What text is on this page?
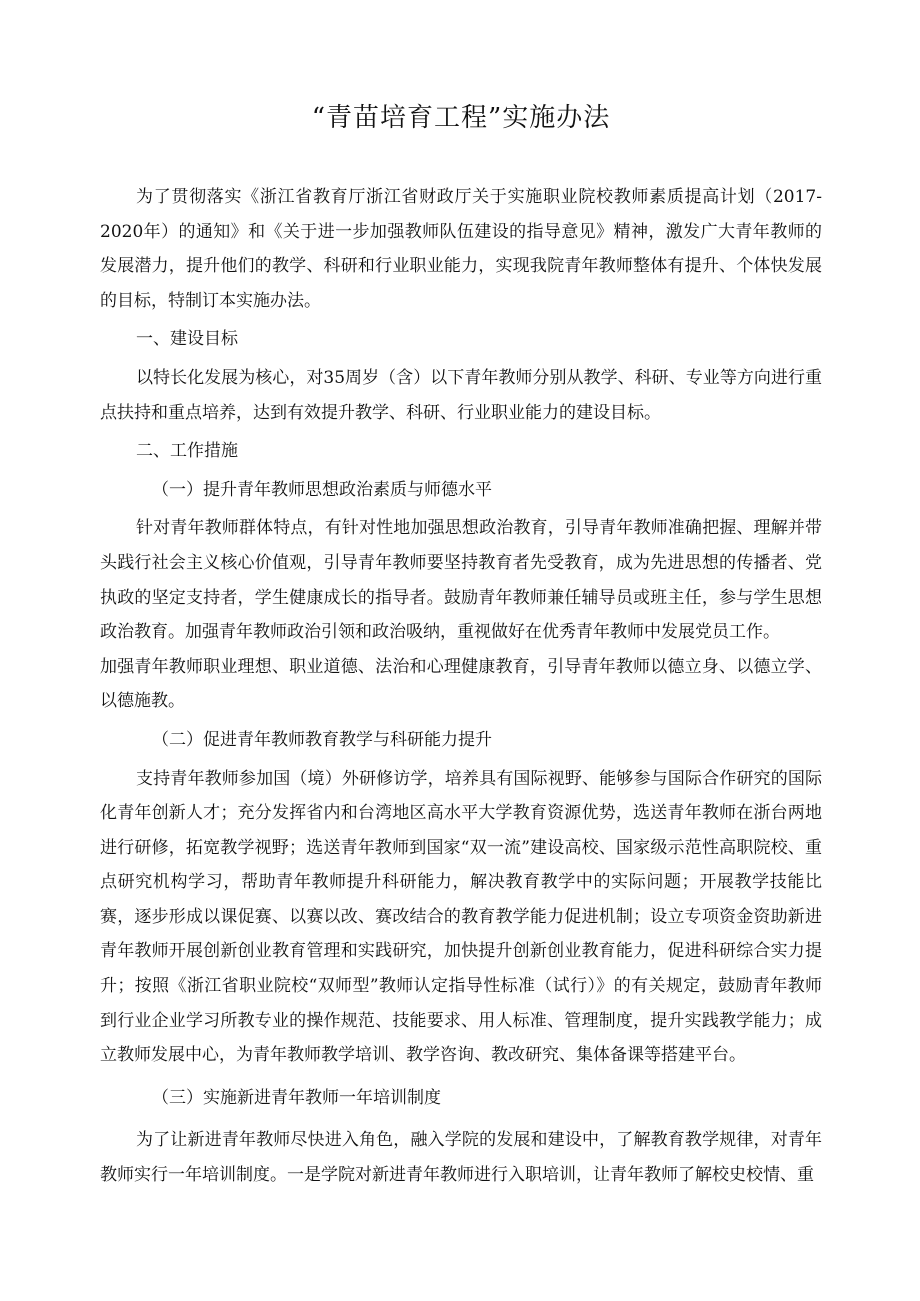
“青苗培育工程”实施办法

为了贯彻落实《浙江省教育厅浙江省财政厅关于实施职业院校教师素质提高计划（2017-2020年）的通知》和《关于进一步加强教师队伍建设的指导意见》精神，激发广大青年教师的发展潜力，提升他们的教学、科研和行业职业能力，实现我院青年教师整体有提升、个体快发展的目标，特制订本实施办法。

一、建设目标

以特长化发展为核心，对35周岁（含）以下青年教师分别从教学、科研、专业等方向进行重点扶持和重点培养，达到有效提升教学、科研、行业职业能力的建设目标。

二、工作措施

（一）提升青年教师思想政治素质与师德水平

针对青年教师群体特点，有针对性地加强思想政治教育，引导青年教师准确把握、理解并带头践行社会主义核心价值观，引导青年教师要坚持教育者先受教育，成为先进思想的传播者、党执政的坚定支持者，学生健康成长的指导者。鼓励青年教师兼任辅导员或班主任，参与学生思想政治教育。加强青年教师政治引领和政治吸纳，重视做好在优秀青年教师中发展党员工作。

加强青年教师职业理想、职业道德、法治和心理健康教育，引导青年教师以德立身、以德立学、以德施教。

（二）促进青年教师教育教学与科研能力提升

支持青年教师参加国（境）外研修访学，培养具有国际视野、能够参与国际合作研究的国际化青年创新人才；充分发挥省内和台湾地区高水平大学教育资源优势，选送青年教师在浙台两地进行研修，拓宽教学视野；选送青年教师到国家“双一流”建设高校、国家级示范性高职院校、重点研究机构学习，帮助青年教师提升科研能力，解决教育教学中的实际问题；开展教学技能比赛，逐步形成以课促赛、以赛以改、赛改结合的教育教学能力促进机制；设立专项资金资助新进青年教师开展创新创业教育管理和实践研究，加快提升创新创业教育能力，促进科研综合实力提升；按照《浙江省职业院校“双师型”教师认定指导性标准（试行）》的有关规定，鼓励青年教师到行业企业学习所教专业的操作规范、技能要求、用人标准、管理制度，提升实践教学能力；成立教师发展中心，为青年教师教学培训、教学咨询、教改研究、集体备课等搭建平台。

（三）实施新进青年教师一年培训制度

为了让新进青年教师尽快进入角色，融入学院的发展和建设中，了解教育教学规律，对青年教师实行一年培训制度。一是学院对新进青年教师进行入职培训，让青年教师了解校史校情、重
